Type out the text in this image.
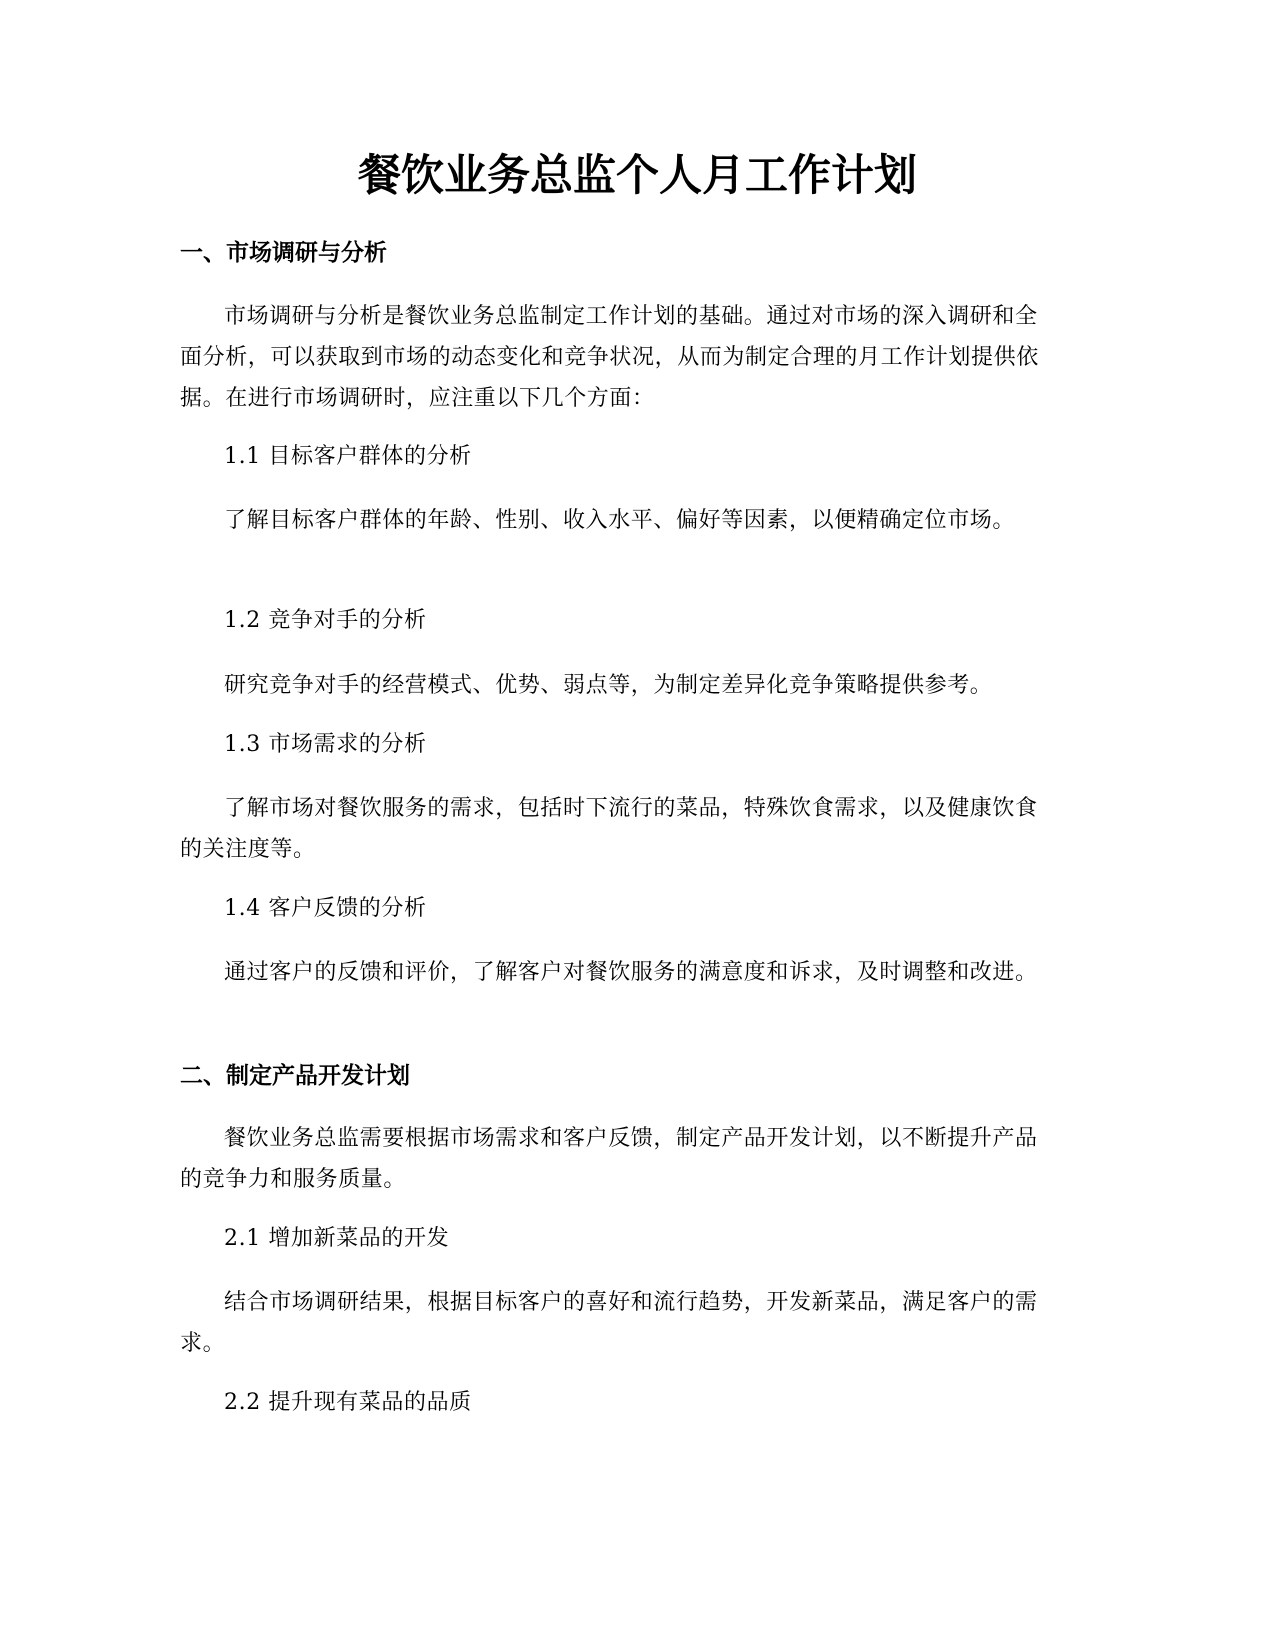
餐饮业务总监个人月工作计划
一、市场调研与分析
市场调研与分析是餐饮业务总监制定工作计划的基础。通过对市场的深入调研和全面分析，可以获取到市场的动态变化和竞争状况，从而为制定合理的月工作计划提供依据。在进行市场调研时，应注重以下几个方面：
1.1 目标客户群体的分析
了解目标客户群体的年龄、性别、收入水平、偏好等因素，以便精确定位市场。
1.2 竞争对手的分析
研究竞争对手的经营模式、优势、弱点等，为制定差异化竞争策略提供参考。
1.3 市场需求的分析
了解市场对餐饮服务的需求，包括时下流行的菜品，特殊饮食需求，以及健康饮食的关注度等。
1.4 客户反馈的分析
通过客户的反馈和评价，了解客户对餐饮服务的满意度和诉求，及时调整和改进。
二、制定产品开发计划
餐饮业务总监需要根据市场需求和客户反馈，制定产品开发计划，以不断提升产品的竞争力和服务质量。
2.1 增加新菜品的开发
结合市场调研结果，根据目标客户的喜好和流行趋势，开发新菜品，满足客户的需求。
2.2 提升现有菜品的品质
